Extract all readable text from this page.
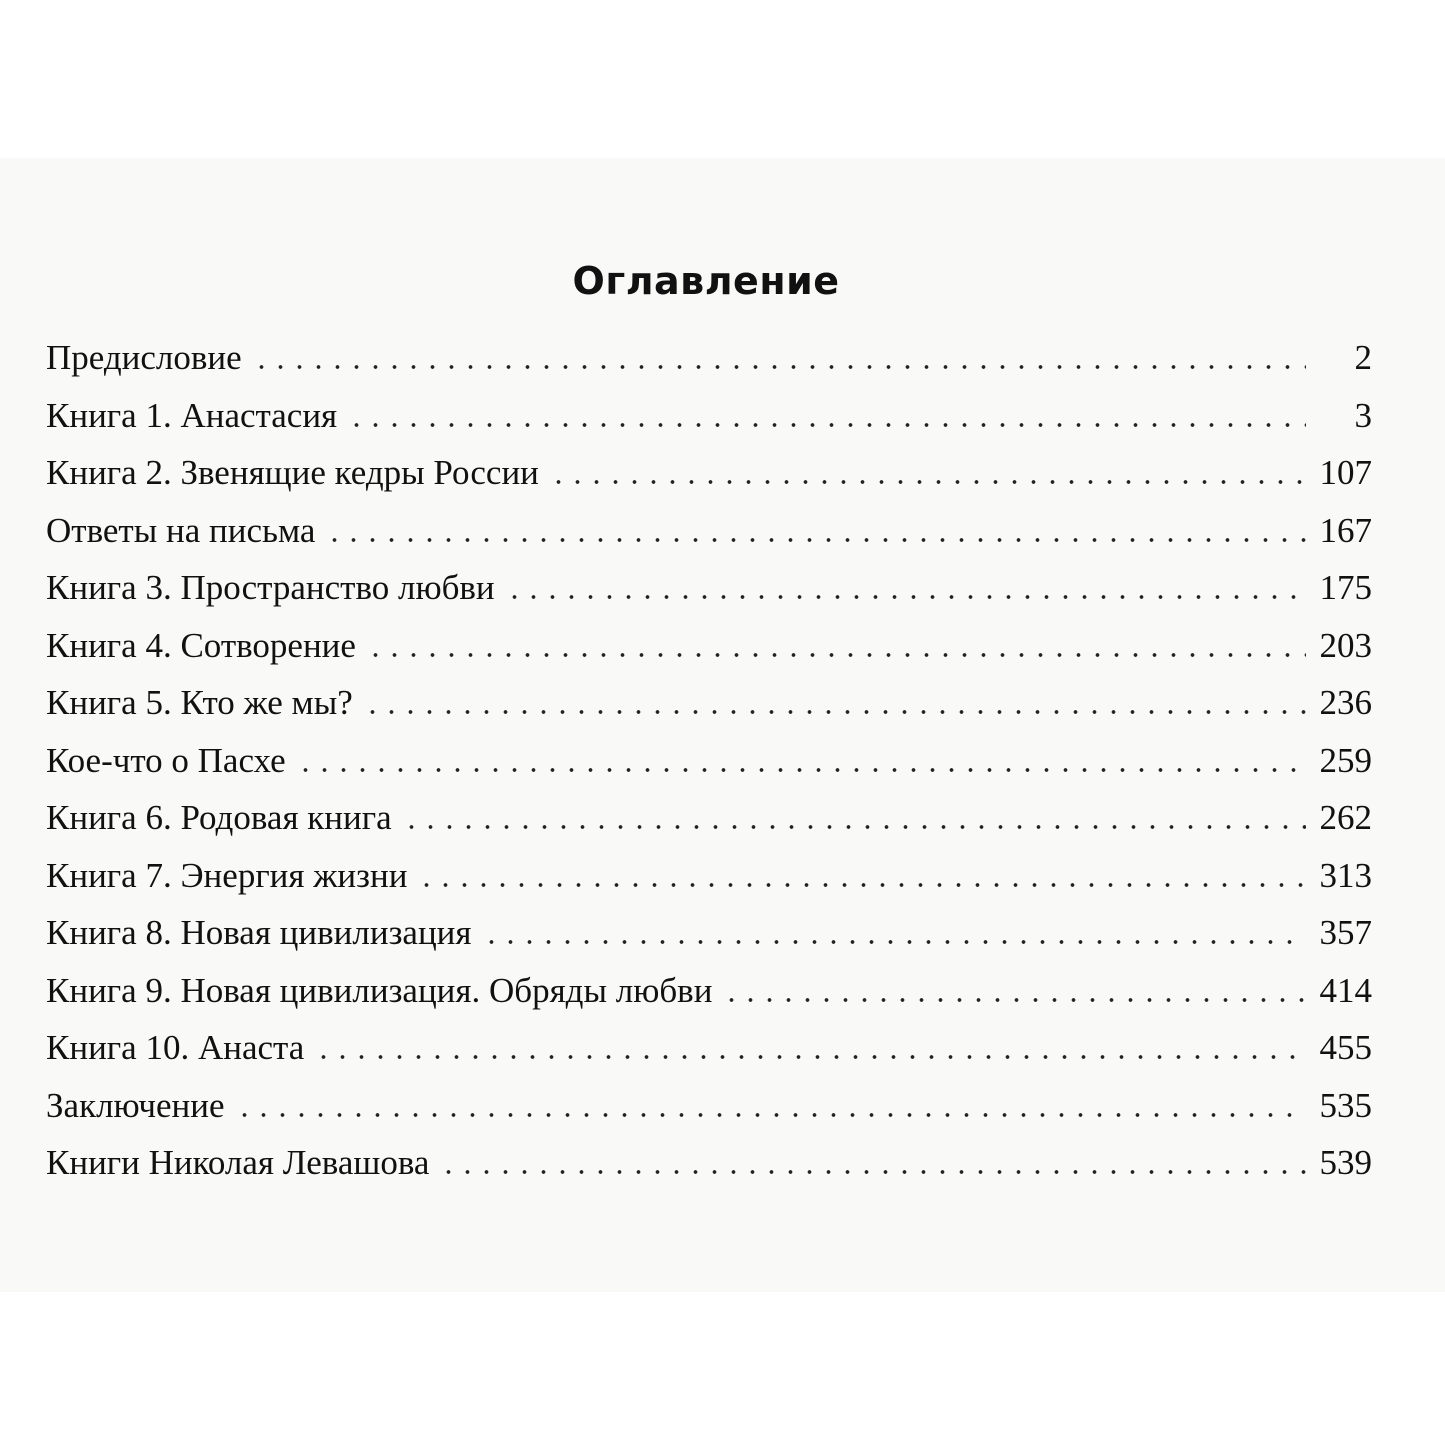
Оглавление
Предисловие	2
Книга 1. Анастасия	3
Книга 2. Звенящие кедры России	107
Ответы на письма	167
Книга 3. Пространство любви	175
Книга 4. Сотворение	203
Книга 5. Кто же мы?	236
Кое-что о Пасхе	259
Книга 6. Родовая книга	262
Книга 7. Энергия жизни	313
Книга 8. Новая цивилизация	357
Книга 9. Новая цивилизация. Обряды любви	414
Книга 10. Анаста	455
Заключение	535
Книги Николая Левашова	539
